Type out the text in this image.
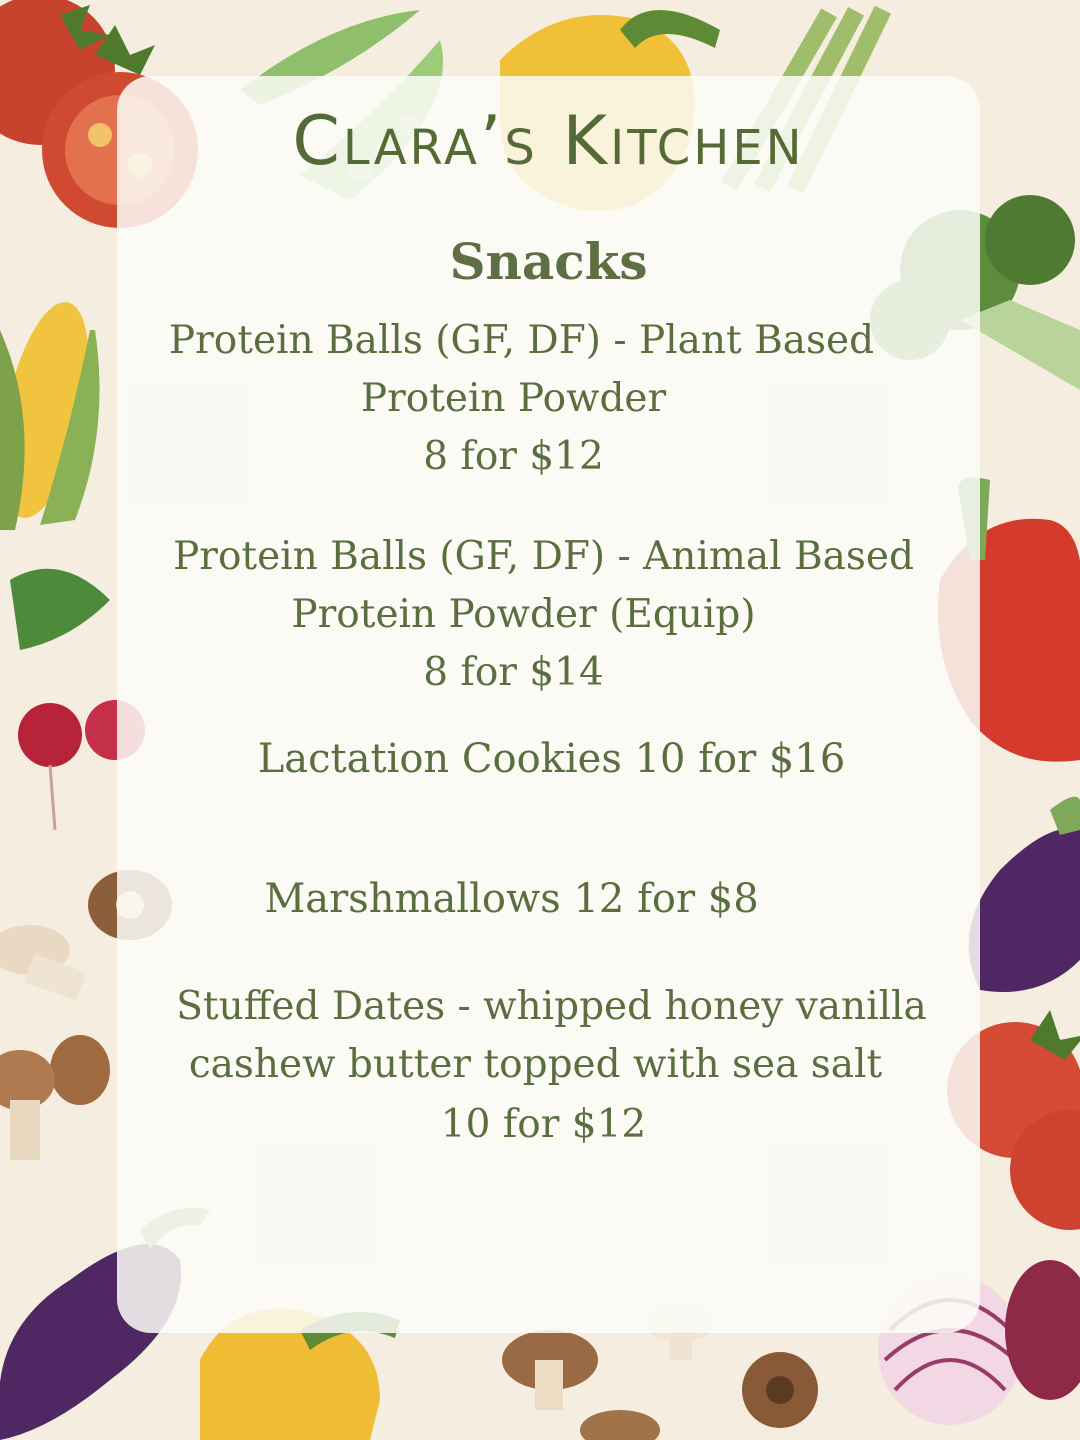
Clara’s Kitchen
Snacks
Protein Balls (GF, DF) - Plant Based
Protein Powder
8 for $12
Protein Balls (GF, DF) - Animal Based
Protein Powder (Equip)
8 for $14
Lactation Cookies 10 for $16
Marshmallows 12 for $8
Stuffed Dates - whipped honey vanilla
cashew butter topped with sea salt
10 for $12
